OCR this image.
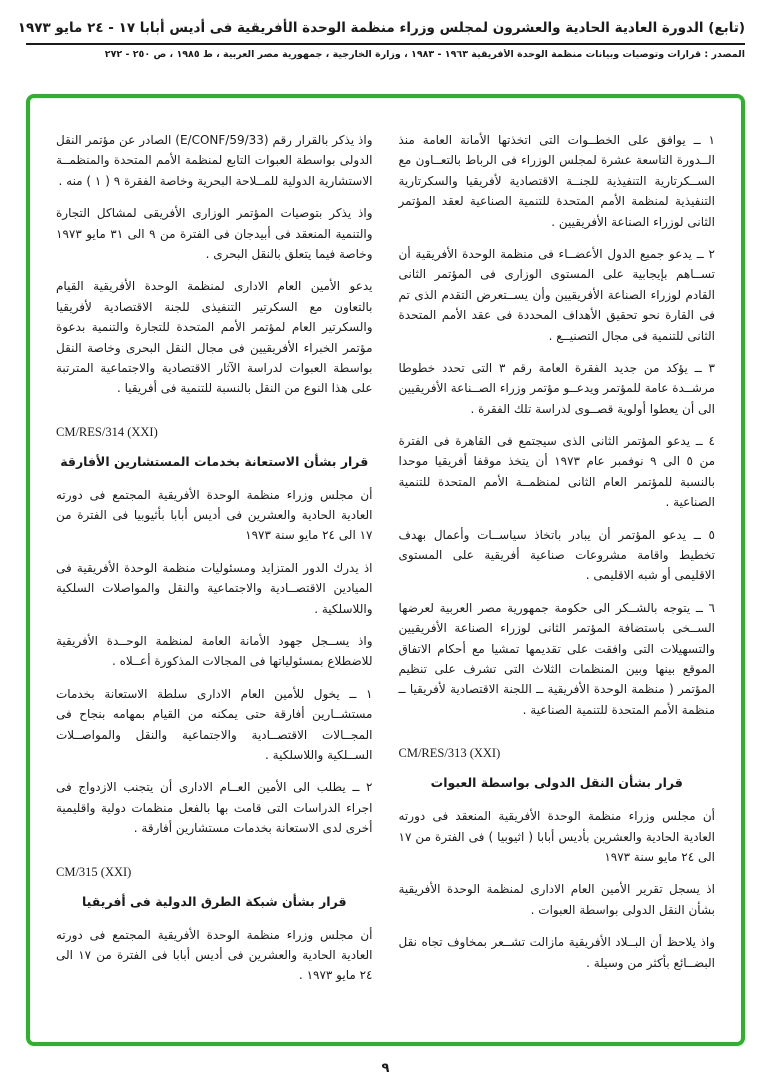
(تابع) الدورة العادية الحادية والعشرون لمجلس وزراء منظمة الوحدة الأفريقية فى أديس أبابا ١٧ - ٢٤ مايو ١٩٧٣
المصدر : قرارات وتوصيات وبيانات منظمة الوحدة الأفريقية ١٩٦٣ - ١٩٨٣ ، وزارة الخارجية ، جمهورية مصر العربية ، ط ١٩٨٥ ، ص ٢٥٠ - ٢٧٢

١ ــ يوافق على الخطــوات التى اتخذتها الأمانة العامة منذ الــدورة التاسعة عشرة لمجلس الوزراء فى الرباط بالتعــاون مع الســكرتارية التنفيذية للجنــة الاقتصادية لأفريقيا والسكرتارية التنفيذية لمنظمة الأمم المتحدة للتنمية الصناعية لعقد المؤتمر الثانى لوزراء الصناعة الأفريقيين .

٢ ــ يدعو جميع الدول الأعضــاء فى منظمة الوحدة الأفريقية أن تســاهم بإيجابية على المستوى الوزارى فى المؤتمر الثانى القادم لوزراء الصناعة الأفريقيين وأن يســتعرض التقدم الذى تم فى القارة نحو تحقيق الأهداف المحددة فى عقد الأمم المتحدة الثانى للتنمية فى مجال التصنيــع .

٣ ــ يؤكد من جديد الفقرة العامة رقم ٣ التى تحدد خطوطا مرشــدة عامة للمؤتمر ويدعــو مؤتمر وزراء الصــناعة الأفريقيين الى أن يعطوا أولوية قصــوى لدراسة تلك الفقرة .

٤ ــ يدعو المؤتمر الثانى الذى سيجتمع فى القاهرة فى الفترة من ٥ الى ٩ نوفمبر عام ١٩٧٣ أن يتخذ موقفا أفريقيا موحدا بالنسبة للمؤتمر العام الثانى لمنظمــة الأمم المتحدة للتنمية الصناعية .

٥ ــ يدعو المؤتمر أن يبادر باتخاذ سياســات وأعمال بهدف تخطيط واقامة مشروعات صناعية أفريقية على المستوى الاقليمى أو شبه الاقليمى .

٦ ــ يتوجه بالشــكر الى حكومة جمهورية مصر العربية لعرضها الســخى باستضافة المؤتمر الثانى لوزراء الصناعة الأفريقيين والتسهيلات التى وافقت على تقديمها تمشيا مع أحكام الاتفاق الموقع بينها وبين المنظمات الثلاث التى تشرف على تنظيم المؤتمر ( منظمة الوحدة الأفريقية ــ اللجنة الاقتصادية لأفريقيا ــ منظمة الأمم المتحدة للتنمية الصناعية .

CM/RES/313 (XXI)
قرار بشأن النقل الدولى بواسطة العبوات

أن مجلس وزراء منظمة الوحدة الأفريقية المنعقد فى دورته العادية الحادية والعشرين بأديس أبابا ( اثيوبيا ) فى الفترة من ١٧ الى ٢٤ مايو سنة ١٩٧٣

اذ يسجل تقرير الأمين العام الادارى لمنظمة الوحدة الأفريقية بشأن النقل الدولى بواسطة العبوات .

واذ يلاحظ أن البــلاد الأفريقية مازالت تشــعر بمخاوف تجاه نقل البضــائع بأكثر من وسيلة .

واذ يذكر بالقرار رقم (E/CONF/59/33) الصادر عن مؤتمر النقل الدولى بواسطة العبوات التابع لمنظمة الأمم المتحدة والمنظمــة الاستشارية الدولية للمــلاحة البحرية وخاصة الفقرة ٩ ( ١ ) منه .

واذ يذكر بتوصيات المؤتمر الوزارى الأفريقى لمشاكل التجارة والتنمية المنعقد فى أبيدجان فى الفترة من ٩ الى ٣١ مايو ١٩٧٣ وخاصة فيما يتعلق بالنقل البحرى .

يدعو الأمين العام الادارى لمنظمة الوحدة الأفريقية القيام بالتعاون مع السكرتير التنفيذى للجنة الاقتصادية لأفريقيا والسكرتير العام لمؤتمر الأمم المتحدة للتجارة والتنمية بدعوة مؤتمر الخبراء الأفريقيين فى مجال النقل البحرى وخاصة النقل بواسطة العبوات لدراسة الآثار الاقتصادية والاجتماعية المترتبة على هذا النوع من النقل بالنسبة للتنمية فى أفريقيا .

CM/RES/314 (XXI)
قرار بشأن الاستعانة بخدمات المستشارين الأفارقة

أن مجلس وزراء منظمة الوحدة الأفريقية المجتمع فى دورته العادية الحادية والعشرين فى أديس أبابا بأثيوبيا فى الفترة من ١٧ الى ٢٤ مايو سنة ١٩٧٣

اذ يدرك الدور المتزايد ومسئوليات منظمة الوحدة الأفريقية فى الميادين الاقتصــادية والاجتماعية والنقل والمواصلات السلكية واللاسلكية .

واذ يســجل جهود الأمانة العامة لمنظمة الوحــدة الأفريقية للاضطلاع بمسئولياتها فى المجالات المذكورة أعــلاه .

١ ــ يخول للأمين العام الادارى سلطة الاستعانة بخدمات مستشــارين أفارقة حتى يمكنه من القيام بمهامه بنجاح فى المجــالات الاقتصــادية والاجتماعية والنقل والمواصــلات الســلكية واللاسلكية .

٢ ــ يطلب الى الأمين العــام الادارى أن يتجنب الازدواج فى اجراء الدراسات التى قامت بها بالفعل منظمات دولية واقليمية أخرى لدى الاستعانة بخدمات مستشارين أفارقة .

CM/315 (XXI)
قرار بشأن شبكة الطرق الدولية فى أفريقيا

أن مجلس وزراء منظمة الوحدة الأفريقية المجتمع فى دورته العادية الحادية والعشرين فى أديس أبابا فى الفترة من ١٧ الى ٢٤ مايو ١٩٧٣ .

٩
